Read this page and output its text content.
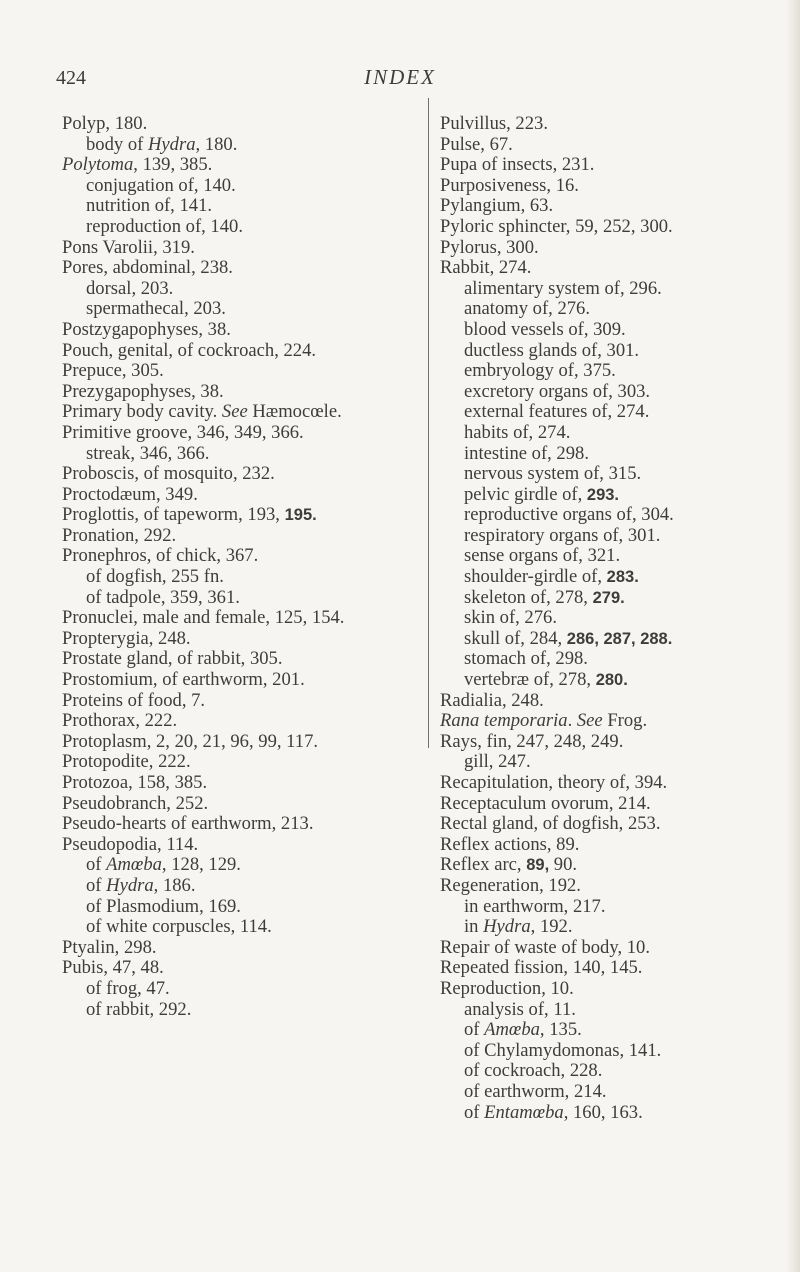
424	INDEX
Polyp, 180.
body of Hydra, 180.
Polytoma, 139, 385.
conjugation of, 140.
nutrition of, 141.
reproduction of, 140.
Pons Varolii, 319.
Pores, abdominal, 238.
dorsal, 203.
spermathecal, 203.
Postzygapophyses, 38.
Pouch, genital, of cockroach, 224.
Prepuce, 305.
Prezygapophyses, 38.
Primary body cavity. See Hæmocœle.
Primitive groove, 346, 349, 366.
streak, 346, 366.
Proboscis, of mosquito, 232.
Proctodæum, 349.
Proglottis, of tapeworm, 193, 195.
Pronation, 292.
Pronephros, of chick, 367.
of dogfish, 255 fn.
of tadpole, 359, 361.
Pronuclei, male and female, 125, 154.
Propterygia, 248.
Prostate gland, of rabbit, 305.
Prostomium, of earthworm, 201.
Proteins of food, 7.
Prothorax, 222.
Protoplasm, 2, 20, 21, 96, 99, 117.
Protopodite, 222.
Protozoa, 158, 385.
Pseudobranch, 252.
Pseudo-hearts of earthworm, 213.
Pseudopodia, 114.
of Amœba, 128, 129.
of Hydra, 186.
of Plasmodium, 169.
of white corpuscles, 114.
Ptyalin, 298.
Pubis, 47, 48.
of frog, 47.
of rabbit, 292.
Pulvillus, 223.
Pulse, 67.
Pupa of insects, 231.
Purposiveness, 16.
Pylangium, 63.
Pyloric sphincter, 59, 252, 300.
Pylorus, 300.
Rabbit, 274.
alimentary system of, 296.
anatomy of, 276.
blood vessels of, 309.
ductless glands of, 301.
embryology of, 375.
excretory organs of, 303.
external features of, 274.
habits of, 274.
intestine of, 298.
nervous system of, 315.
pelvic girdle of, 293.
reproductive organs of, 304.
respiratory organs of, 301.
sense organs of, 321.
shoulder-girdle of, 283.
skeleton of, 278, 279.
skin of, 276.
skull of, 284, 286, 287, 288.
stomach of, 298.
vertebræ of, 278, 280.
Radialia, 248.
Rana temporaria. See Frog.
Rays, fin, 247, 248, 249.
gill, 247.
Recapitulation, theory of, 394.
Receptaculum ovorum, 214.
Rectal gland, of dogfish, 253.
Reflex actions, 89.
Reflex arc, 89, 90.
Regeneration, 192.
in earthworm, 217.
in Hydra, 192.
Repair of waste of body, 10.
Repeated fission, 140, 145.
Reproduction, 10.
analysis of, 11.
of Amœba, 135.
of Chylamydomonas, 141.
of cockroach, 228.
of earthworm, 214.
of Entamœba, 160, 163.
